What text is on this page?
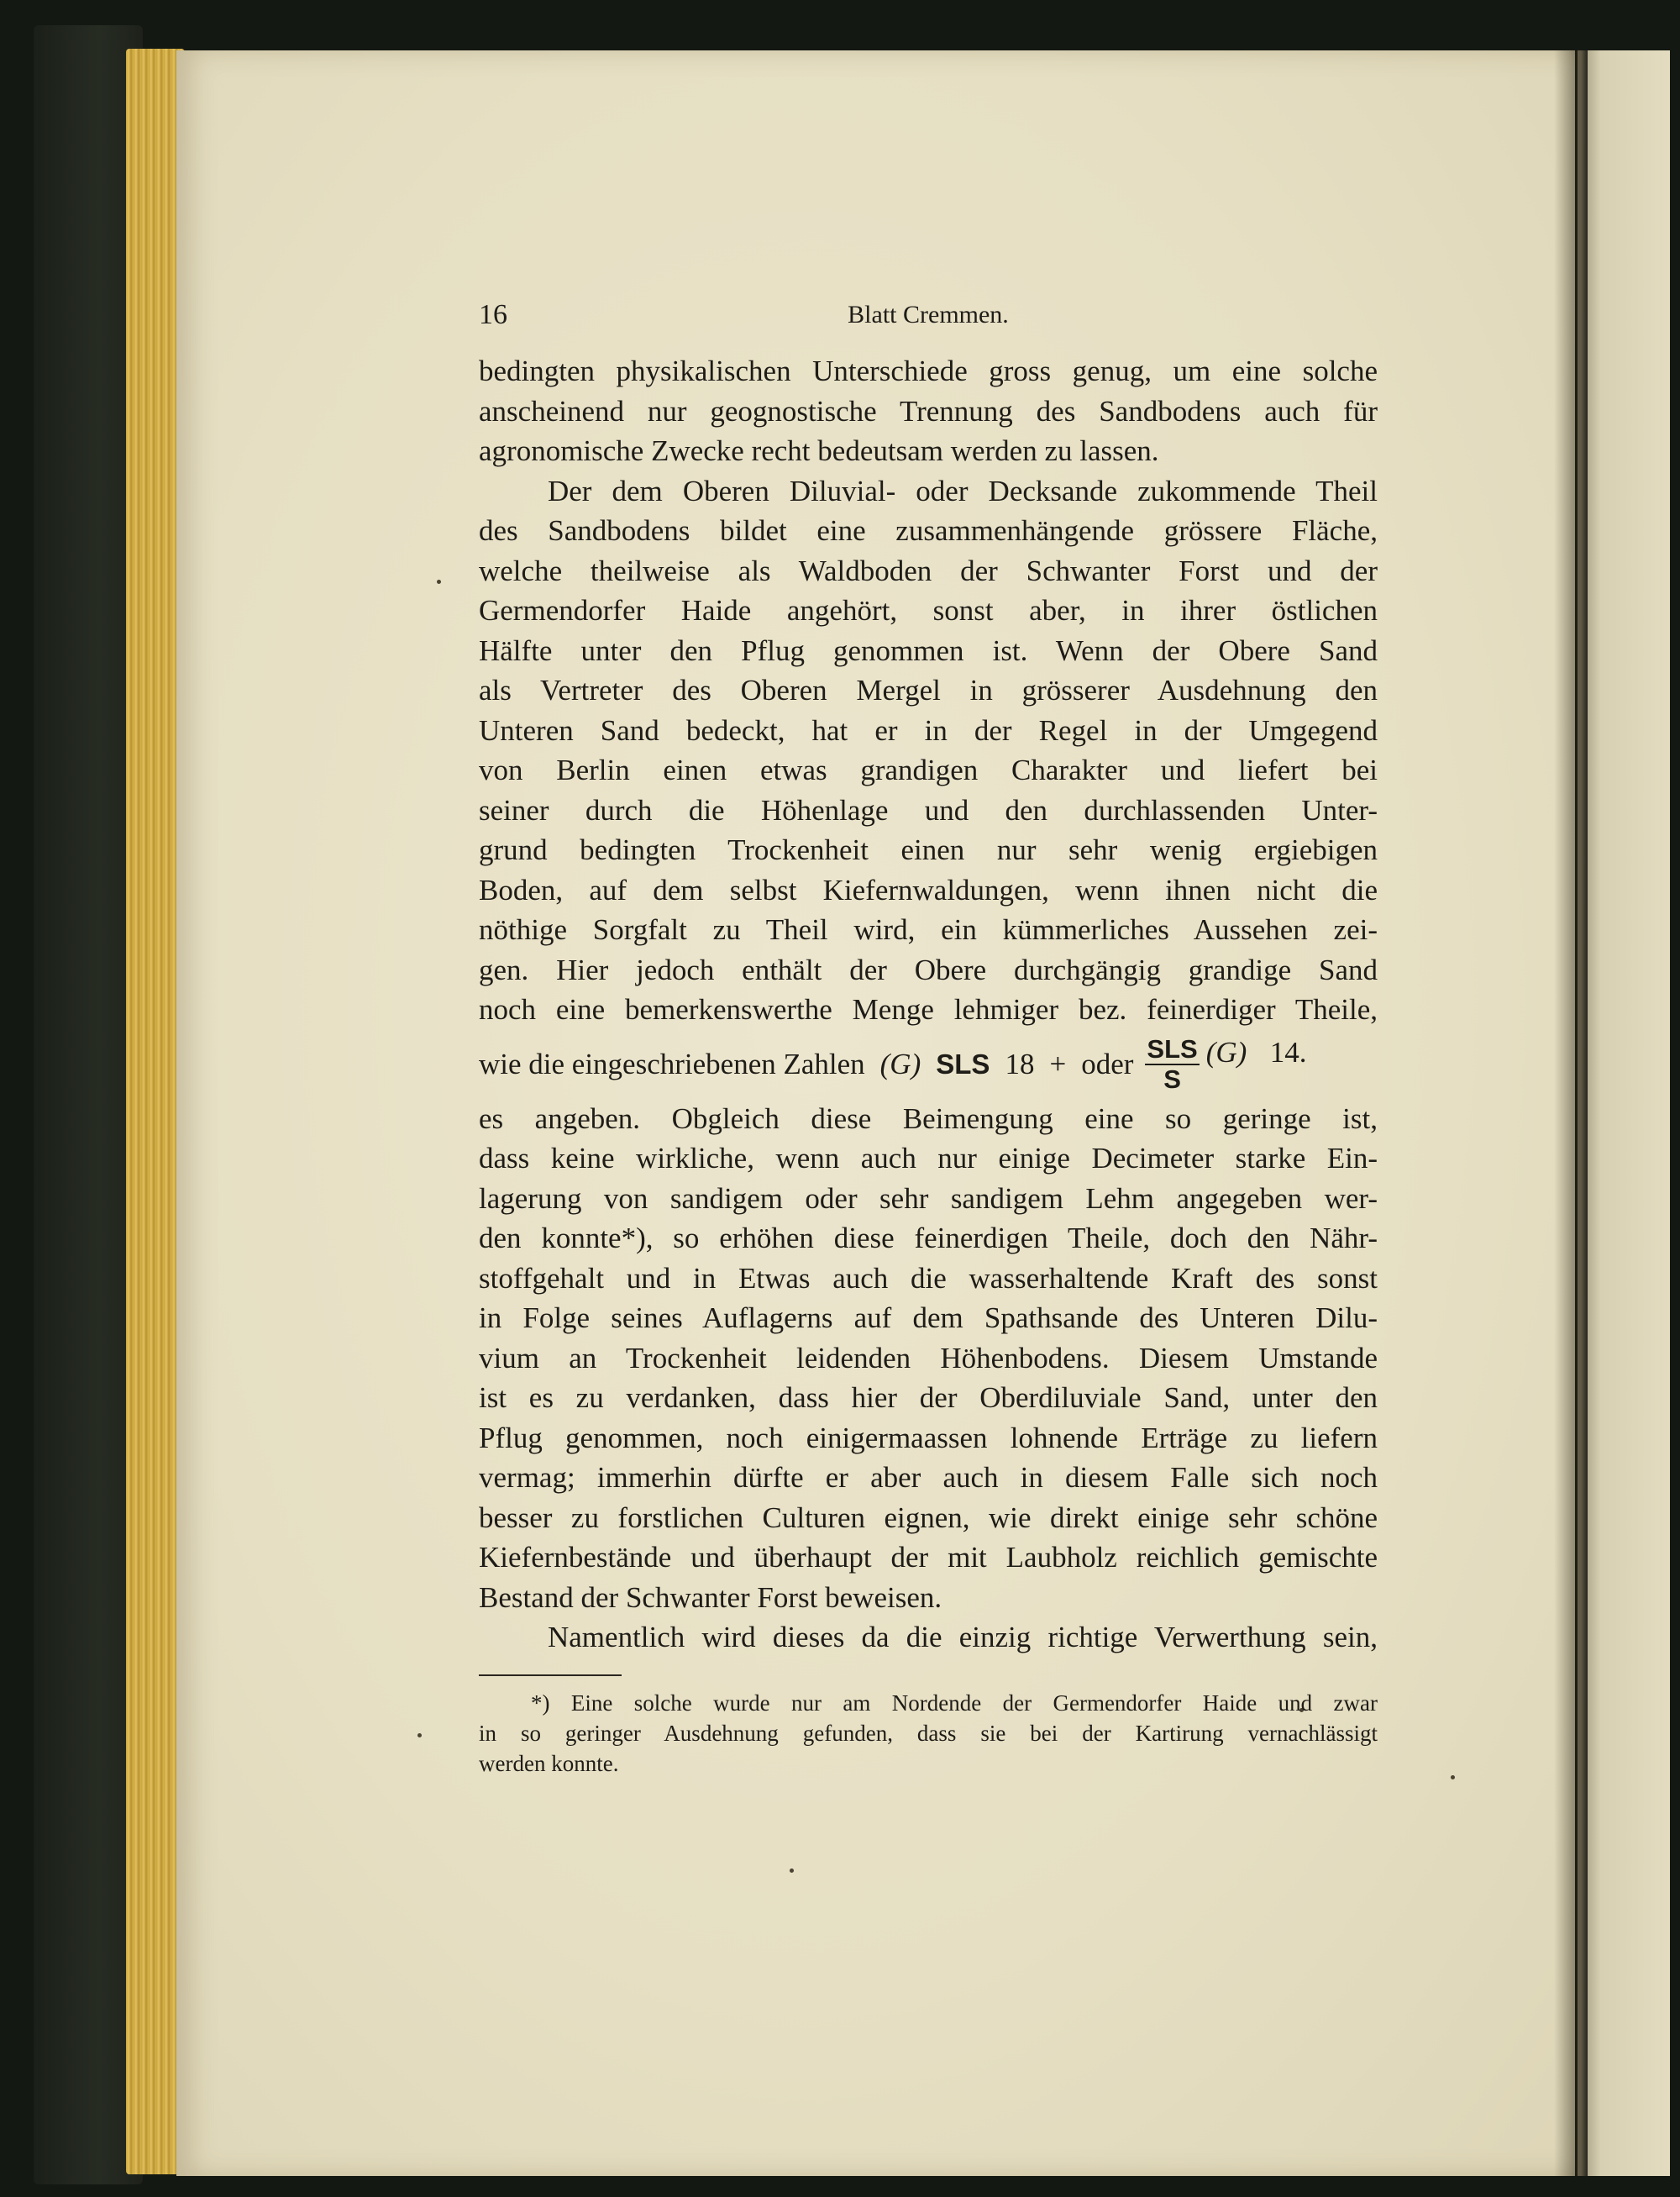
16	Blatt Cremmen.

bedingten physikalischen Unterschiede gross genug, um eine solche
anscheinend nur geognostische Trennung des Sandbodens auch für
agronomische Zwecke recht bedeutsam werden zu lassen.

Der dem Oberen Diluvial- oder Decksande zukommende Theil
des Sandbodens bildet eine zusammenhängende grössere Fläche,
welche theilweise als Waldboden der Schwanter Forst und der
Germendorfer Haide angehört, sonst aber, in ihrer östlichen
Hälfte unter den Pflug genommen ist. Wenn der Obere Sand
als Vertreter des Oberen Mergel in grösserer Ausdehnung den
Unteren Sand bedeckt, hat er in der Regel in der Umgegend
von Berlin einen etwas grandigen Charakter und liefert bei
seiner durch die Höhenlage und den durchlassenden Unter-
grund bedingten Trockenheit einen nur sehr wenig ergiebigen
Boden, auf dem selbst Kiefernwaldungen, wenn ihnen nicht die
nöthige Sorgfalt zu Theil wird, ein kümmerliches Aussehen zei-
gen. Hier jedoch enthält der Obere durchgängig grandige Sand
noch eine bemerkenswerthe Menge lehmiger bez. feinerdiger Theile,
wie die eingeschriebenen Zahlen (G) SLS 18 + oder $\frac{\text{SLS}}{S} (G)$ 14.
es angeben. Obgleich diese Beimengung eine so geringe ist,
dass keine wirkliche, wenn auch nur einige Decimeter starke Ein-
lagerung von sandigem oder sehr sandigem Lehm angegeben wer-
den konnte*), so erhöhen diese feinerdigen Theile, doch den Nähr-
stoffgehalt und in Etwas auch die wasserhaltende Kraft des sonst
in Folge seines Auflagerns auf dem Spathsande des Unteren Dilu-
vium an Trockenheit leidenden Höhenbodens. Diesem Umstande
ist es zu verdanken, dass hier der Oberdiluviale Sand, unter den
Pflug genommen, noch einigermaassen lohnende Erträge zu liefern
vermag; immerhin dürfte er aber auch in diesem Falle sich noch
besser zu forstlichen Culturen eignen, wie direkt einige sehr schöne
Kiefernbestände und überhaupt der mit Laubholz reichlich gemischte
Bestand der Schwanter Forst beweisen.

Namentlich wird dieses da die einzig richtige Verwerthung sein,

*) Eine solche wurde nur am Nordende der Germendorfer Haide und zwar
in so geringer Ausdehnung gefunden, dass sie bei der Kartirung vernachlässigt
werden konnte.
